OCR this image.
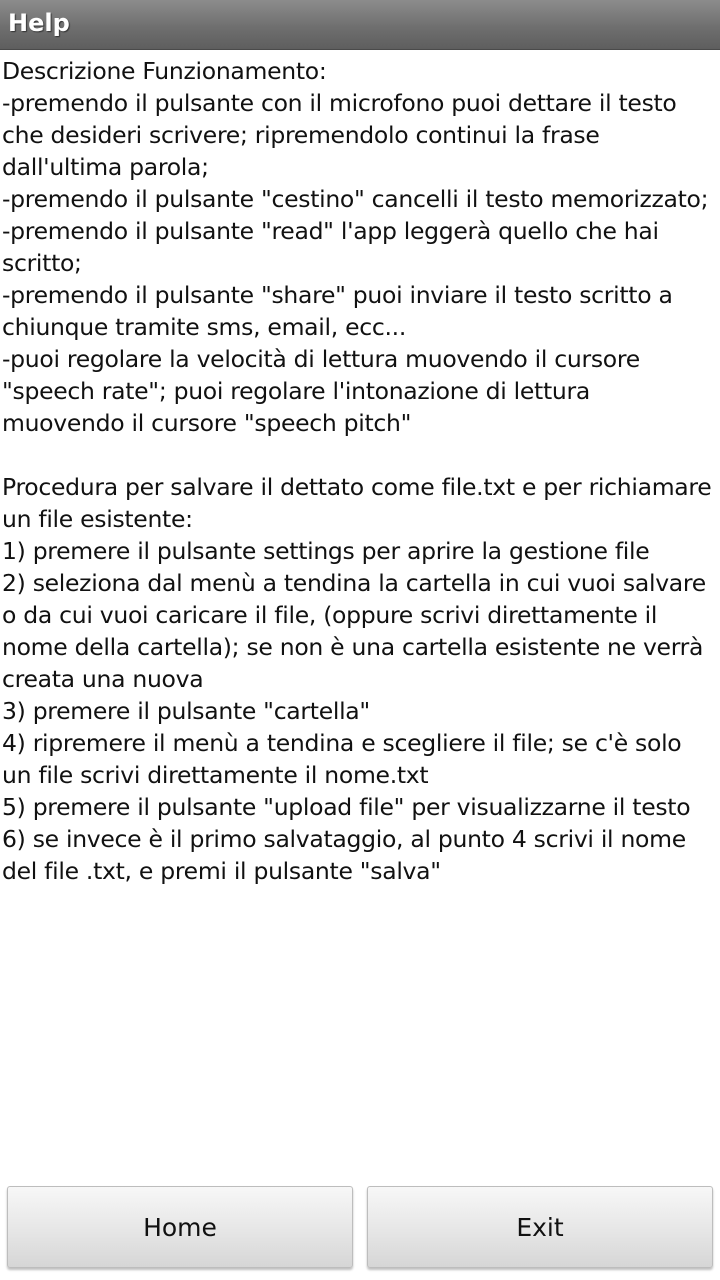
Help

Descrizione Funzionamento:
-premendo il pulsante con il microfono puoi dettare il testo che desideri scrivere; ripremendolo continui la frase dall'ultima parola;
-premendo il pulsante "cestino" cancelli il testo memorizzato;
-premendo il pulsante "read" l'app leggerà quello che hai scritto;
-premendo il pulsante "share" puoi inviare il testo scritto a chiunque tramite sms, email, ecc...
-puoi regolare la velocità di lettura muovendo il cursore "speech rate"; puoi regolare l'intonazione di lettura muovendo il cursore "speech pitch"

Procedura per salvare il dettato come file.txt e per richiamare un file esistente:
1) premere il pulsante settings per aprire la gestione file
2) seleziona dal menù a tendina la cartella in cui vuoi salvare o da cui vuoi caricare il file, (oppure scrivi direttamente il nome della cartella); se non è una cartella esistente ne verrà creata una nuova
3) premere il pulsante "cartella"
4) ripremere il menù a tendina e scegliere il file; se c'è solo un file scrivi direttamente il nome.txt
5) premere il pulsante "upload file" per visualizzarne il testo
6) se invece è il primo salvataggio, al punto 4 scrivi il nome del file .txt, e premi il pulsante "salva"

Home	Exit
